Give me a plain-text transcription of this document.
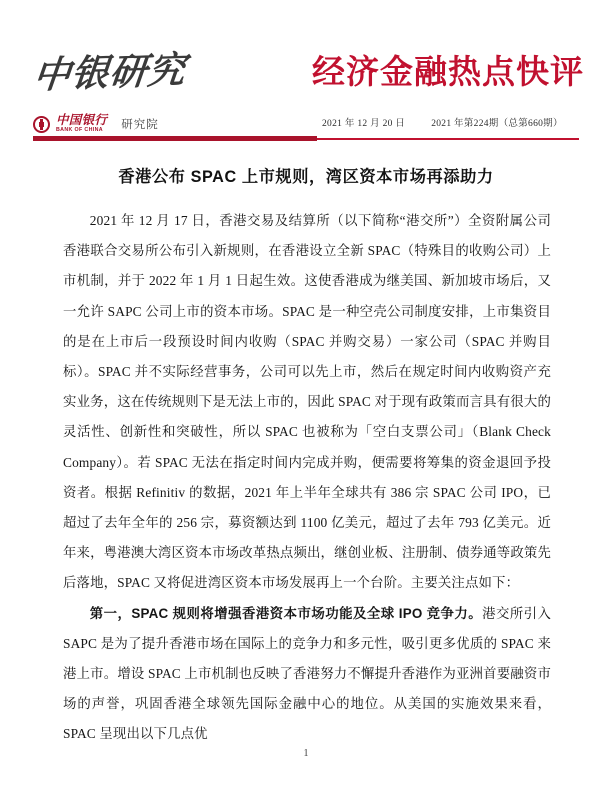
中银研究	经济金融热点快评
中国银行
BANK OF CHINA	研究院	2021 年 12 月 20 日	2021 年第224期（总第660期）
香港公布 SPAC 上市规则，湾区资本市场再添助力

2021 年 12 月 17 日，香港交易及结算所（以下简称“港交所”）全资附属公司香港联合交易所公布引入新规则，在香港设立全新 SPAC（特殊目的收购公司）上市机制，并于 2022 年 1 月 1 日起生效。这使香港成为继美国、新加坡市场后，又一允许 SAPC 公司上市的资本市场。SPAC 是一种空壳公司制度安排，上市集资目的是在上市后一段预设时间内收购（SPAC 并购交易）一家公司（SPAC 并购目标）。SPAC 并不实际经营事务，公司可以先上市，然后在规定时间内收购资产充实业务，这在传统规则下是无法上市的，因此 SPAC 对于现有政策而言具有很大的灵活性、创新性和突破性，所以 SPAC 也被称为「空白支票公司」（Blank Check Company）。若 SPAC 无法在指定时间内完成并购，便需要将筹集的资金退回予投资者。根据 Refinitiv 的数据，2021 年上半年全球共有 386 宗 SPAC 公司 IPO，已超过了去年全年的 256 宗，募资额达到 1100 亿美元，超过了去年 793 亿美元。近年来，粤港澳大湾区资本市场改革热点频出，继创业板、注册制、债券通等政策先后落地，SPAC 又将促进湾区资本市场发展再上一个台阶。主要关注点如下：

第一，SPAC 规则将增强香港资本市场功能及全球 IPO 竞争力。港交所引入 SAPC 是为了提升香港市场在国际上的竞争力和多元性，吸引更多优质的 SPAC 来港上市。增设 SPAC 上市机制也反映了香港努力不懈提升香港作为亚洲首要融资市场的声誉，巩固香港全球领先国际金融中心的地位。从美国的实施效果来看，SPAC 呈现出以下几点优

1
